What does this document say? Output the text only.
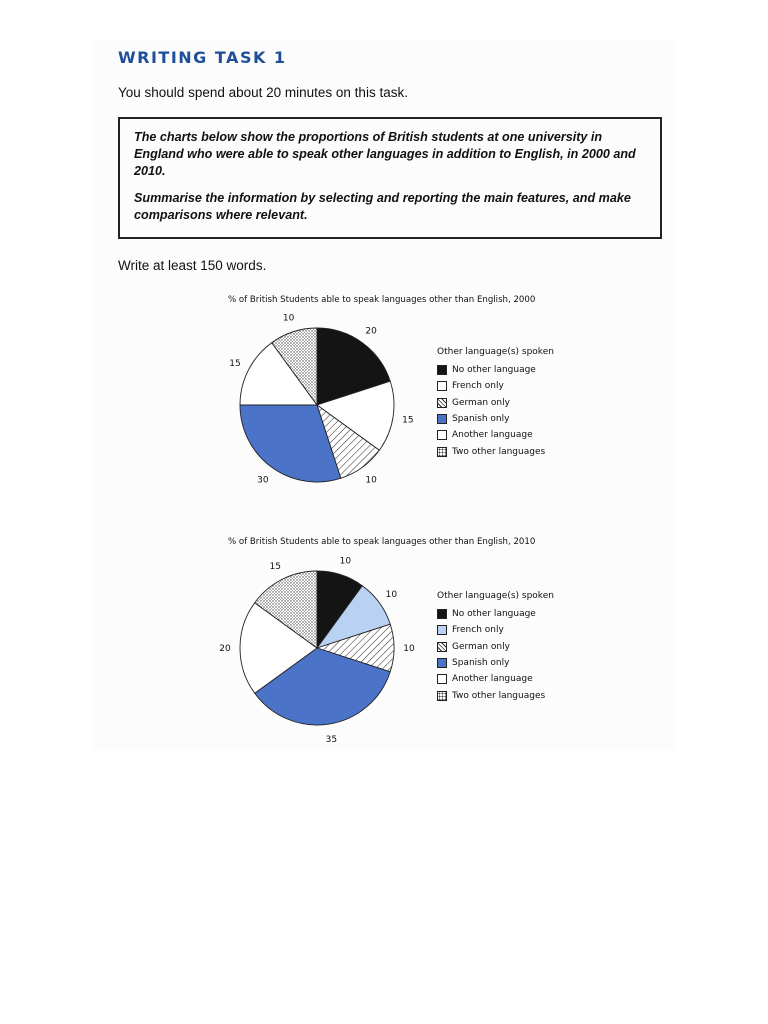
WRITING TASK 1
You should spend about 20 minutes on this task.

The charts below show the proportions of British students at one university in England who were able to speak other languages in addition to English, in 2000 and 2010.

Summarise the information by selecting and reporting the main features, and make comparisons where relevant.

Write at least 150 words.
% of British Students able to speak languages other than English, 2000
20
15
10
30
15
10
Other language(s) spoken
No other language
French only
German only
Spanish only
Another language
Two other languages
% of British Students able to speak languages other than English, 2010
10
10
10
35
20
15
Other language(s) spoken
No other language
French only
German only
Spanish only
Another language
Two other languages
